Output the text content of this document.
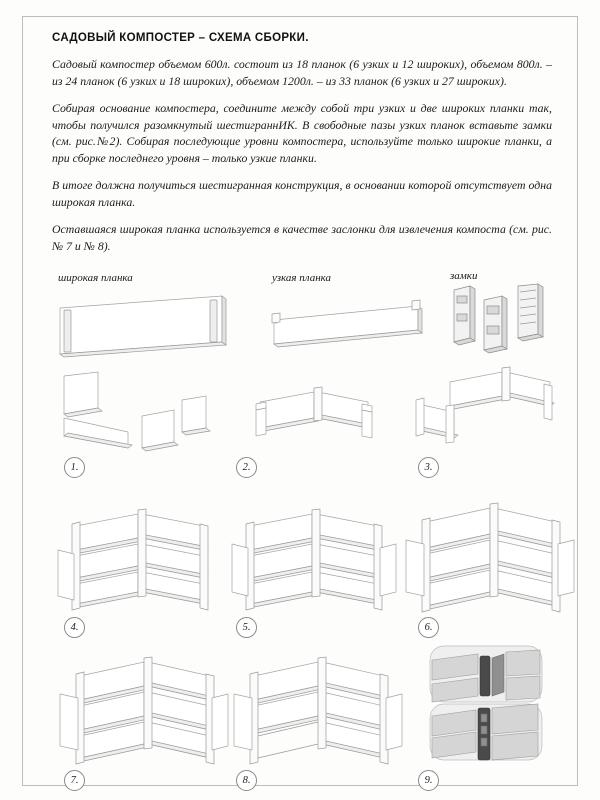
САДОВЫЙ КОМПОСТЕР – СХЕМА СБОРКИ.

Садовый компостер объемом 600л. состоит из 18 планок (6 узких и 12 широких), объемом 800л. – из 24 планок (6 узких и 18 широких), объемом 1200л. – из 33 планок (6 узких и 27 широких).

Собирая основание компостера, соедините между собой три узких и две широких планки так, чтобы получился разомкнутый шестиграннИК. В свободные пазы узких планок вставьте замки (см. рис.№2). Собирая последующие уровни компостера, используйте только широкие планки, а при сборке последнего уровня – только узкие планки.

В итоге должна получиться шестигранная конструкция, в основании которой отсутствует одна широкая планка.

Оставшаяся широкая планка используется в качестве заслонки для извлечения компоста (см. рис. № 7 и № 8).

широкая планка	узкая планка	замки
1.	2.	3.
4.	5.	6.
7.	8.	9.
